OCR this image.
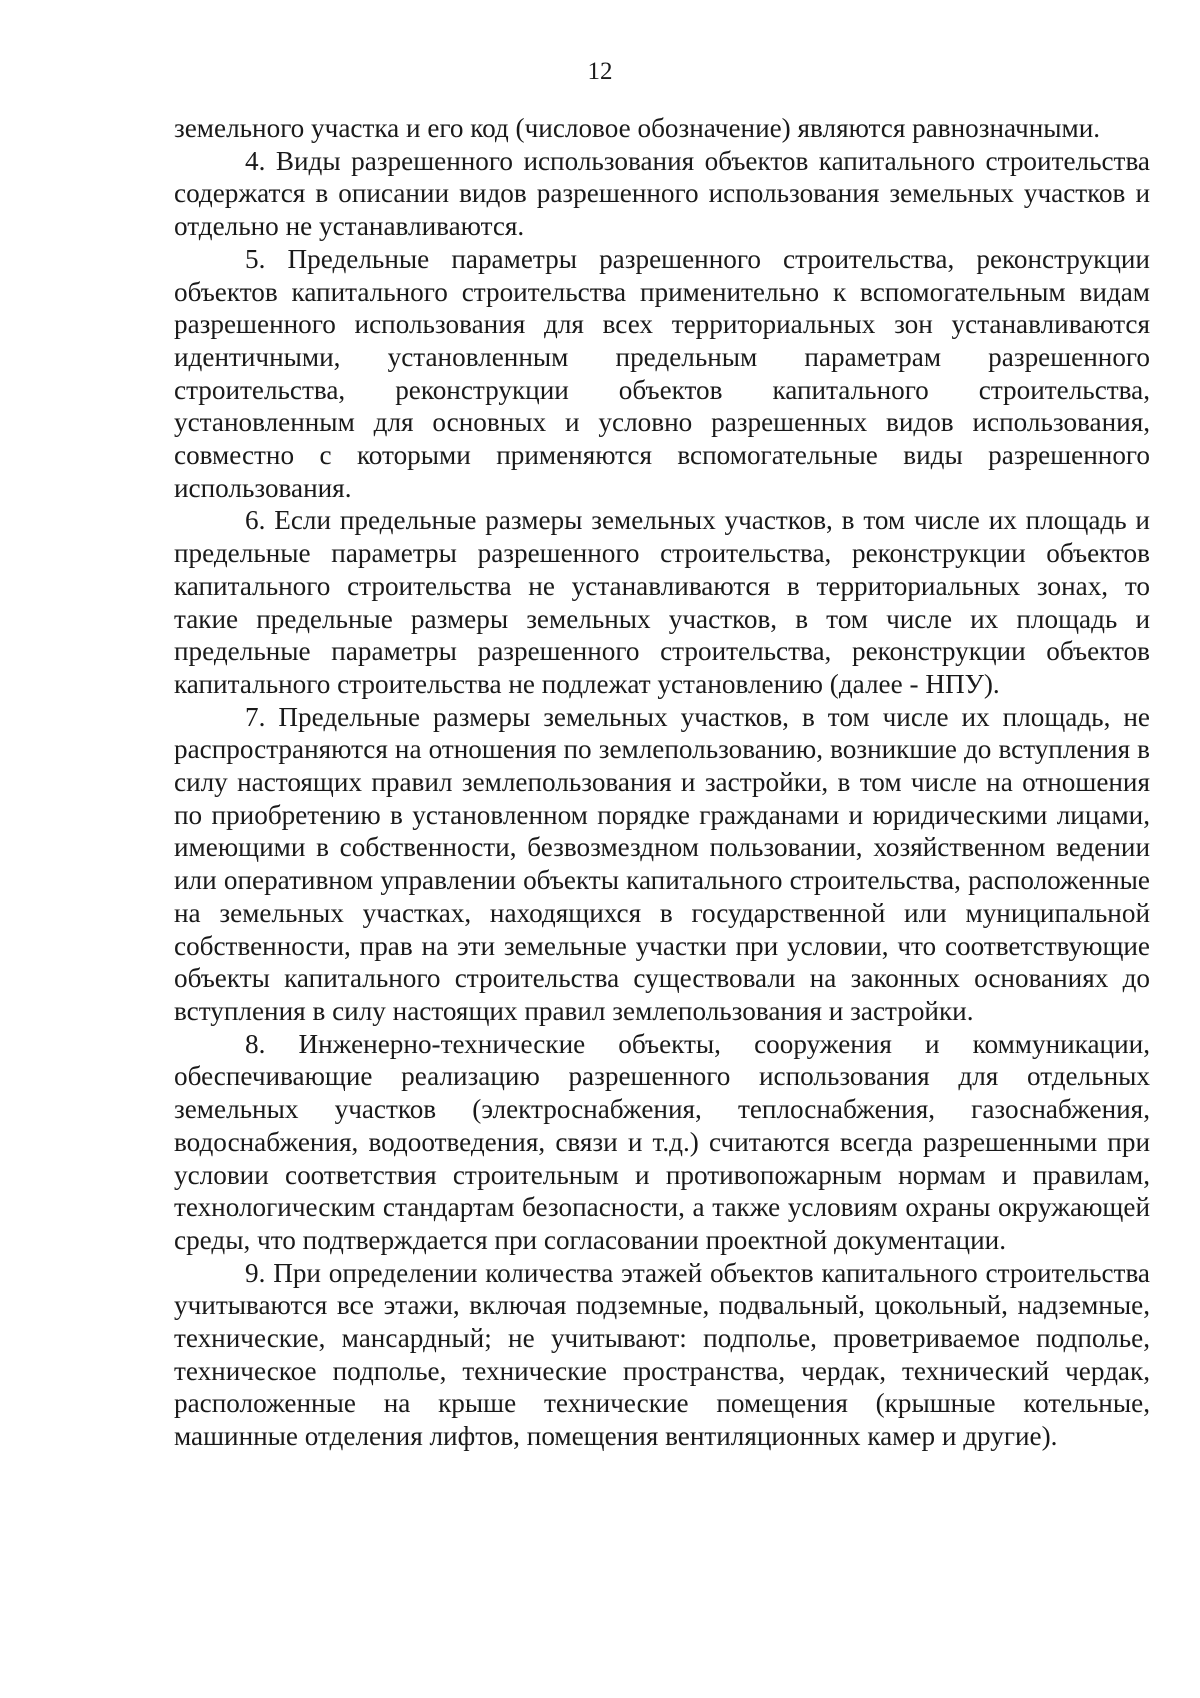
12

земельного участка и его код (числовое обозначение) являются равнозначными.

4. Виды разрешенного использования объектов капитального строительства содержатся в описании видов разрешенного использования земельных участков и отдельно не устанавливаются.

5. Предельные параметры разрешенного строительства, реконструкции объектов капитального строительства применительно к вспомогательным видам разрешенного использования для всех территориальных зон устанавливаются идентичными, установленным предельным параметрам разрешенного строительства, реконструкции объектов капитального строительства, установленным для основных и условно разрешенных видов использования, совместно с которыми применяются вспомогательные виды разрешенного использования.

6. Если предельные размеры земельных участков, в том числе их площадь и предельные параметры разрешенного строительства, реконструкции объектов капитального строительства не устанавливаются в территориальных зонах, то такие предельные размеры земельных участков, в том числе их площадь и предельные параметры разрешенного строительства, реконструкции объектов капитального строительства не подлежат установлению (далее - НПУ).

7. Предельные размеры земельных участков, в том числе их площадь, не распространяются на отношения по землепользованию, возникшие до вступления в силу настоящих правил землепользования и застройки, в том числе на отношения по приобретению в установленном порядке гражданами и юридическими лицами, имеющими в собственности, безвозмездном пользовании, хозяйственном ведении или оперативном управлении объекты капитального строительства, расположенные на земельных участках, находящихся в государственной или муниципальной собственности, прав на эти земельные участки при условии, что соответствующие объекты капитального строительства существовали на законных основаниях до вступления в силу настоящих правил землепользования и застройки.

8. Инженерно-технические объекты, сооружения и коммуникации, обеспечивающие реализацию разрешенного использования для отдельных земельных участков (электроснабжения, теплоснабжения, газоснабжения, водоснабжения, водоотведения, связи и т.д.) считаются всегда разрешенными при условии соответствия строительным и противопожарным нормам и правилам, технологическим стандартам безопасности, а также условиям охраны окружающей среды, что подтверждается при согласовании проектной документации.

9. При определении количества этажей объектов капитального строительства учитываются все этажи, включая подземные, подвальный, цокольный, надземные, технические, мансардный; не учитывают: подполье, проветриваемое подполье, техническое подполье, технические пространства, чердак, технический чердак, расположенные на крыше технические помещения (крышные котельные, машинные отделения лифтов, помещения вентиляционных камер и другие).
